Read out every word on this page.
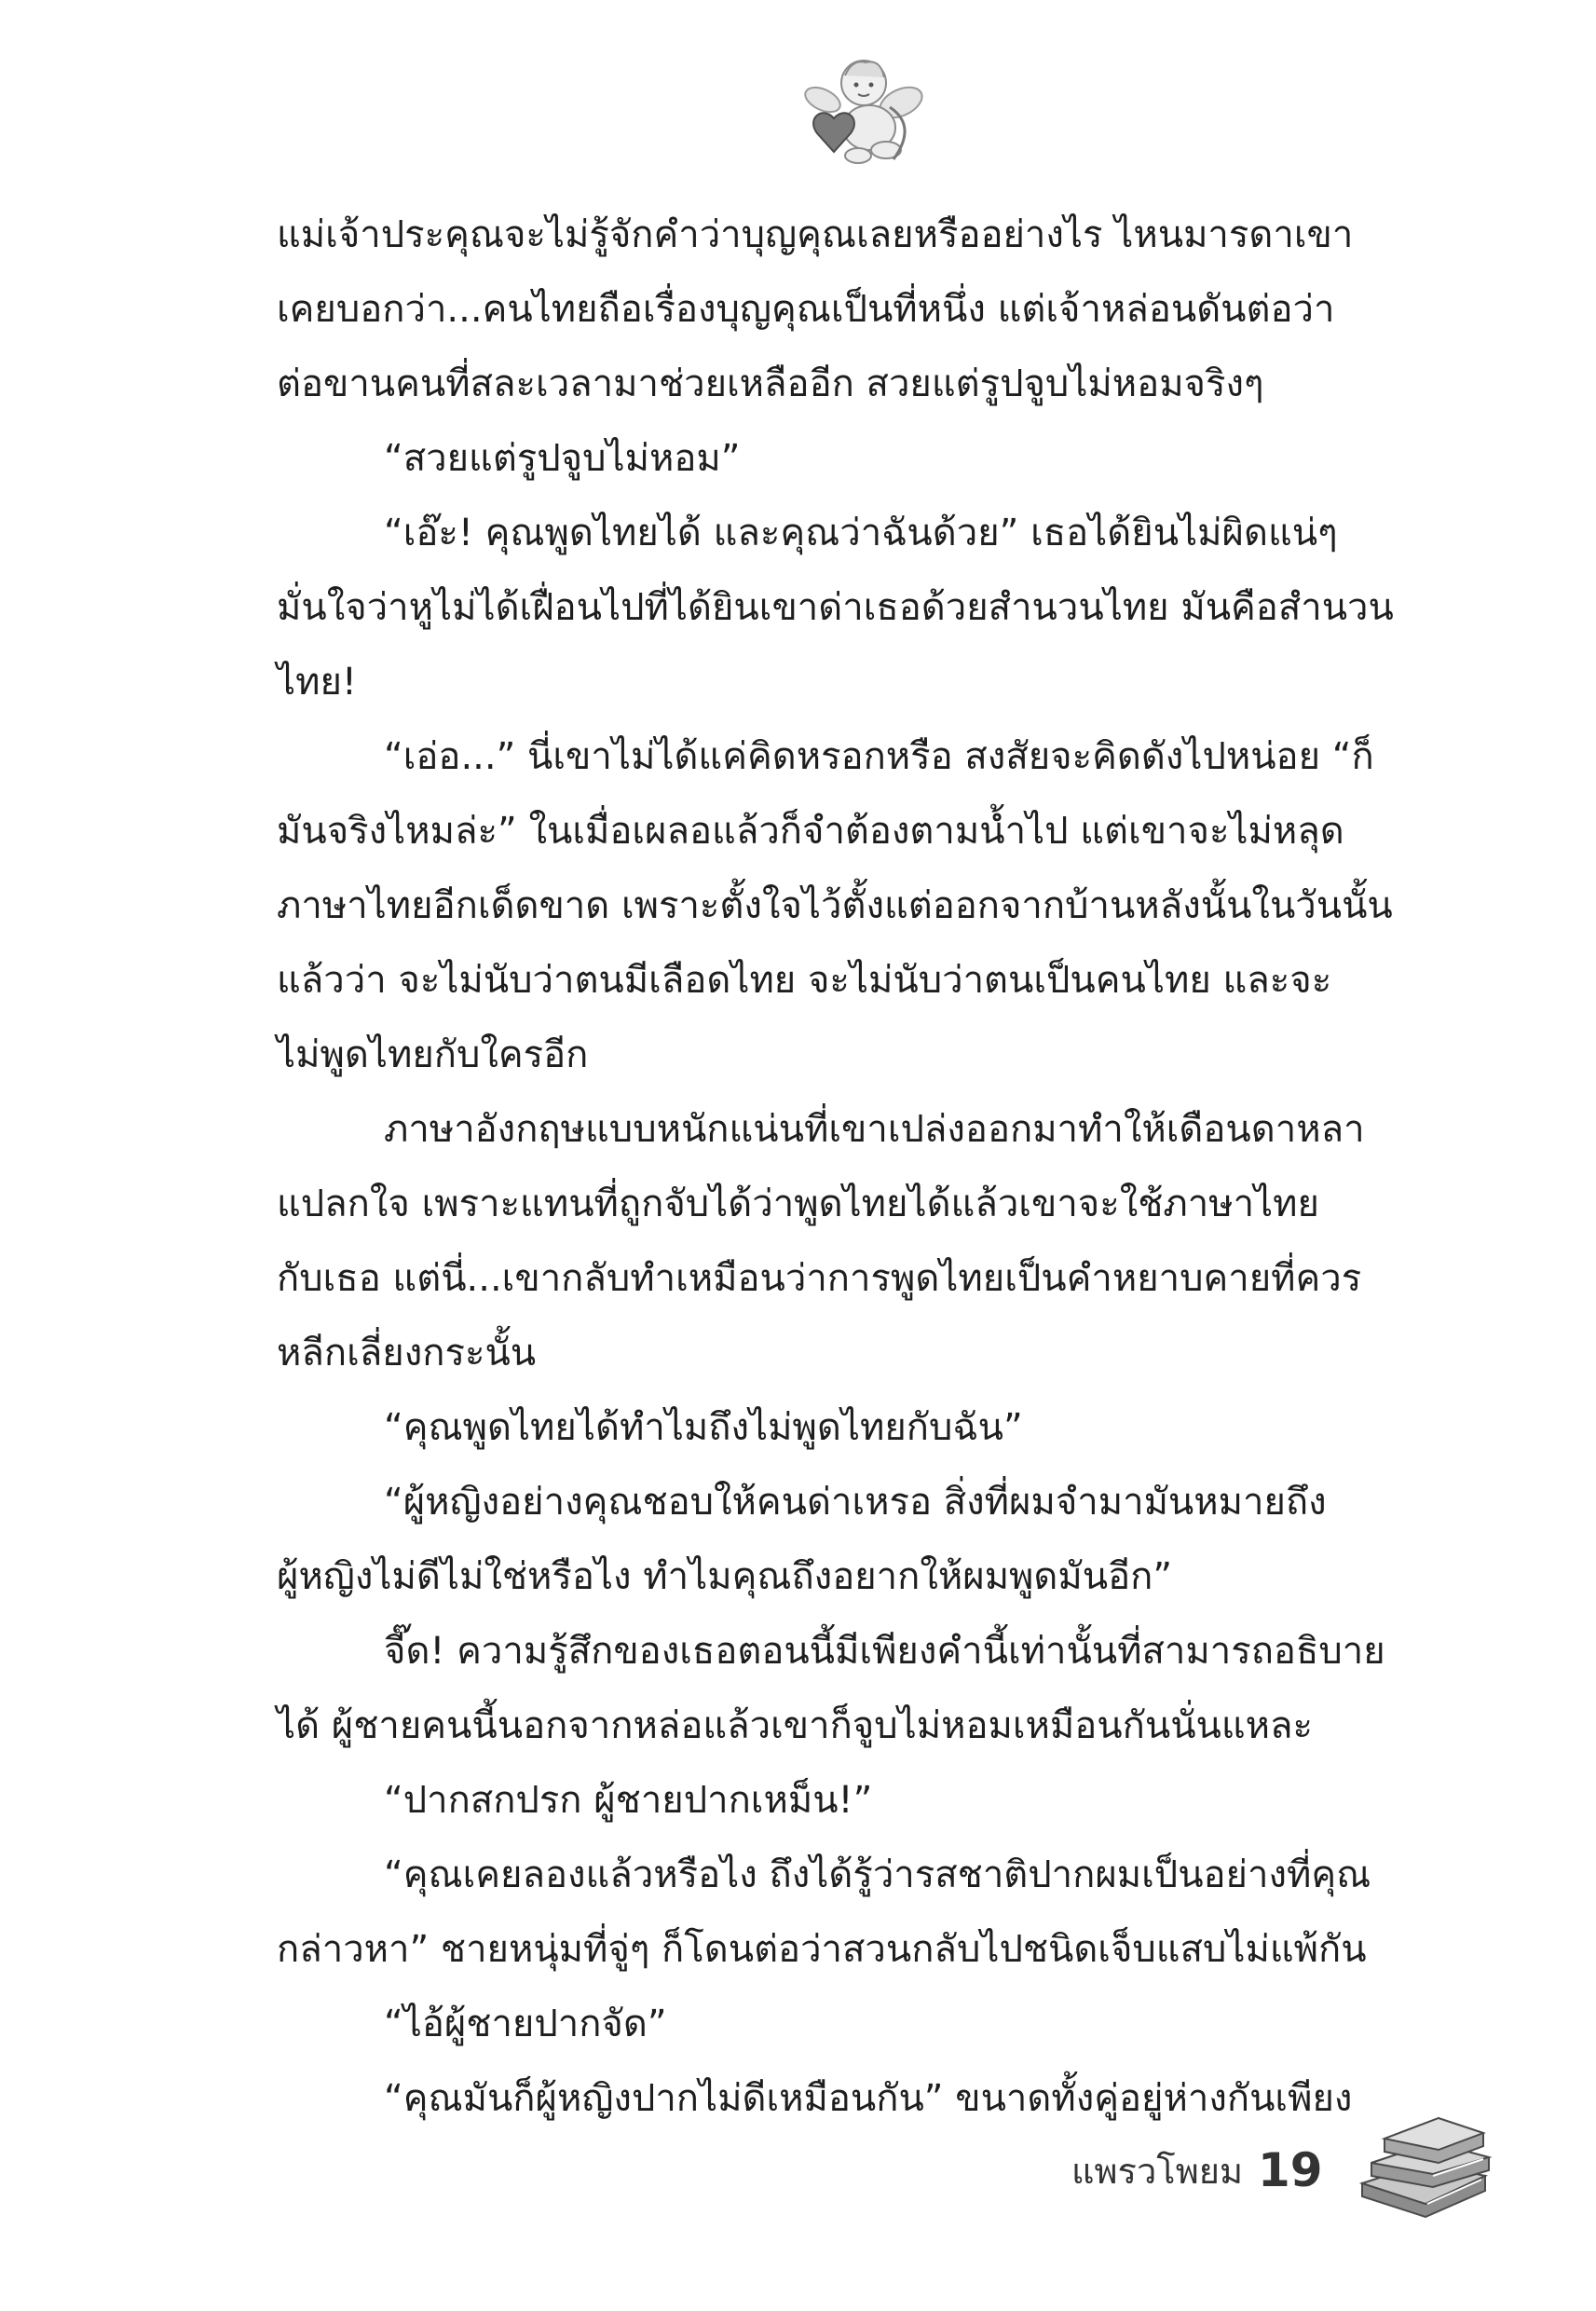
แม่เจ้าประคุณจะไม่รู้จักคำว่าบุญคุณเลยหรืออย่างไร ไหนมารดาเขา
เคยบอกว่า...คนไทยถือเรื่องบุญคุณเป็นที่หนึ่ง แต่เจ้าหล่อนดันต่อว่า
ต่อขานคนที่สละเวลามาช่วยเหลืออีก สวยแต่รูปจูบไม่หอมจริงๆ
“สวยแต่รูปจูบไม่หอม”
“เอ๊ะ! คุณพูดไทยได้ และคุณว่าฉันด้วย” เธอได้ยินไม่ผิดแน่ๆ
มั่นใจว่าหูไม่ได้เฝื่อนไปที่ได้ยินเขาด่าเธอด้วยสำนวนไทย มันคือสำนวน
ไทย!
“เอ่อ...” นี่เขาไม่ได้แค่คิดหรอกหรือ สงสัยจะคิดดังไปหน่อย “ก็
มันจริงไหมล่ะ” ในเมื่อเผลอแล้วก็จำต้องตามน้ำไป แต่เขาจะไม่หลุด
ภาษาไทยอีกเด็ดขาด เพราะตั้งใจไว้ตั้งแต่ออกจากบ้านหลังนั้นในวันนั้น
แล้วว่า จะไม่นับว่าตนมีเลือดไทย จะไม่นับว่าตนเป็นคนไทย และจะ
ไม่พูดไทยกับใครอีก
ภาษาอังกฤษแบบหนักแน่นที่เขาเปล่งออกมาทำให้เดือนดาหลา
แปลกใจ เพราะแทนที่ถูกจับได้ว่าพูดไทยได้แล้วเขาจะใช้ภาษาไทย
กับเธอ แต่นี่...เขากลับทำเหมือนว่าการพูดไทยเป็นคำหยาบคายที่ควร
หลีกเลี่ยงกระนั้น
“คุณพูดไทยได้ทำไมถึงไม่พูดไทยกับฉัน”
“ผู้หญิงอย่างคุณชอบให้คนด่าเหรอ สิ่งที่ผมจำมามันหมายถึง
ผู้หญิงไม่ดีไม่ใช่หรือไง ทำไมคุณถึงอยากให้ผมพูดมันอีก”
จี๊ด! ความรู้สึกของเธอตอนนี้มีเพียงคำนี้เท่านั้นที่สามารถอธิบาย
ได้ ผู้ชายคนนี้นอกจากหล่อแล้วเขาก็จูบไม่หอมเหมือนกันนั่นแหละ
“ปากสกปรก ผู้ชายปากเหม็น!”
“คุณเคยลองแล้วหรือไง ถึงได้รู้ว่ารสชาติปากผมเป็นอย่างที่คุณ
กล่าวหา” ชายหนุ่มที่จู่ๆ ก็โดนต่อว่าสวนกลับไปชนิดเจ็บแสบไม่แพ้กัน
“ไอ้ผู้ชายปากจัด”
“คุณมันก็ผู้หญิงปากไม่ดีเหมือนกัน” ขนาดทั้งคู่อยู่ห่างกันเพียง
แพรวโพยม 19
